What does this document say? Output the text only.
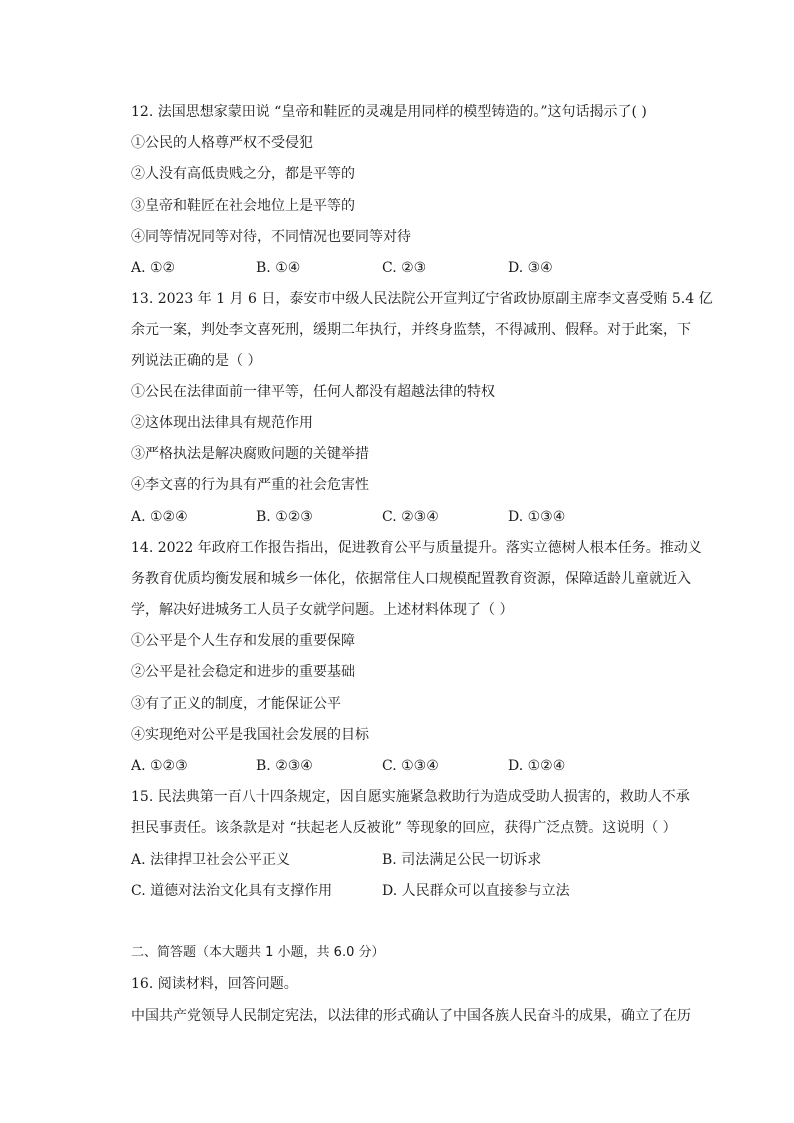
12. 法国思想家蒙田说 “皇帝和鞋匠的灵魂是用同样的模型铸造的。”这句话揭示了( )
①公民的人格尊严权不受侵犯
②人没有高低贵贱之分，都是平等的
③皇帝和鞋匠在社会地位上是平等的
④同等情况同等对待，不同情况也要同等对待
A. ①②	B. ①④	C. ②③	D. ③④
13. 2023 年 1 月 6 日，泰安市中级人民法院公开宣判辽宁省政协原副主席李文喜受贿 5.4 亿
余元一案，判处李文喜死刑，缓期二年执行，并终身监禁，不得减刑、假释。对于此案，下
列说法正确的是（ ）
①公民在法律面前一律平等，任何人都没有超越法律的特权
②这体现出法律具有规范作用
③严格执法是解决腐败问题的关键举措
④李文喜的行为具有严重的社会危害性
A. ①②④	B. ①②③	C. ②③④	D. ①③④
14. 2022 年政府工作报告指出，促进教育公平与质量提升。落实立德树人根本任务。推动义
务教育优质均衡发展和城乡一体化，依据常住人口规模配置教育资源，保障适龄儿童就近入
学，解决好进城务工人员子女就学问题。上述材料体现了（ ）
①公平是个人生存和发展的重要保障
②公平是社会稳定和进步的重要基础
③有了正义的制度，才能保证公平
④实现绝对公平是我国社会发展的目标
A. ①②③	B. ②③④	C. ①③④	D. ①②④
15. 民法典第一百八十四条规定，因自愿实施紧急救助行为造成受助人损害的，救助人不承
担民事责任。该条款是对 “扶起老人反被讹” 等现象的回应，获得广泛点赞。这说明（ ）
A. 法律捍卫社会公平正义	B. 司法满足公民一切诉求
C. 道德对法治文化具有支撑作用	D. 人民群众可以直接参与立法
二、简答题（本大题共 1 小题，共 6.0 分）
16. 阅读材料，回答问题。
中国共产党领导人民制定宪法，以法律的形式确认了中国各族人民奋斗的成果，确立了在历
